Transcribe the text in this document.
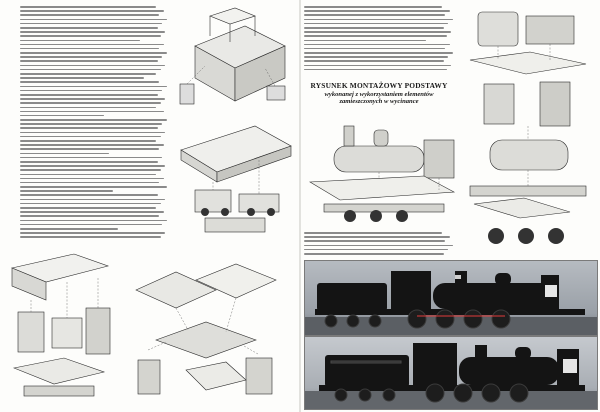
RYSUNEK MONTAŻOWY PODSTAWY
wykonanej z wykorzystaniem elementów
zamieszczonych w wycinance
